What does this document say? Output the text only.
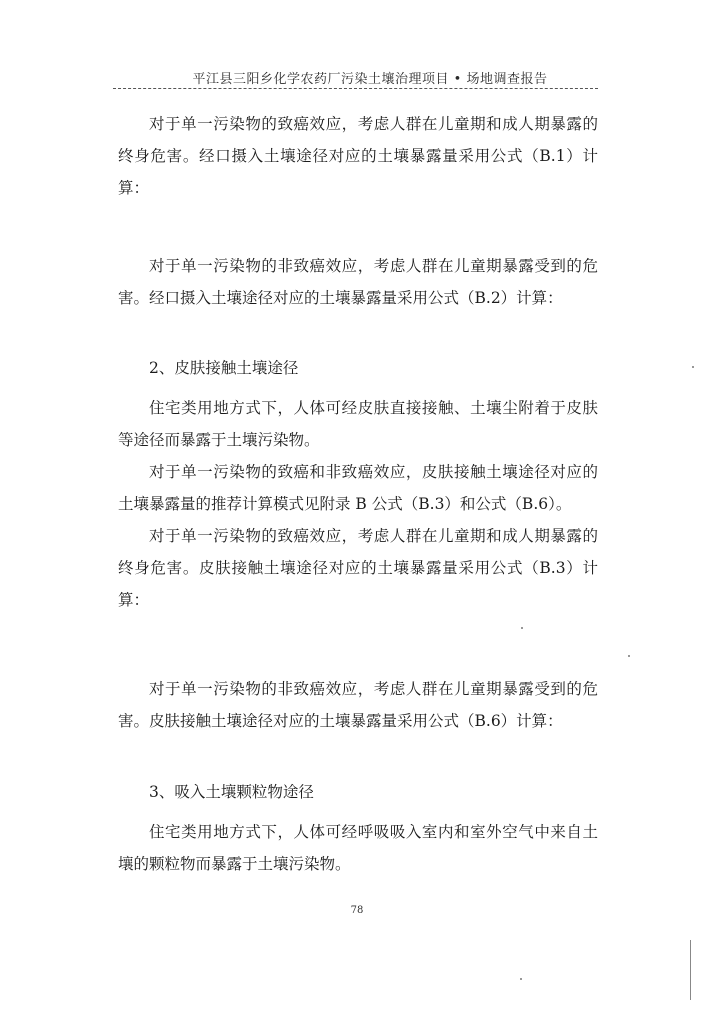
平江县三阳乡化学农药厂污染土壤治理项目 • 场地调查报告

对于单一污染物的致癌效应，考虑人群在儿童期和成人期暴露的终身危害。经口摄入土壤途径对应的土壤暴露量采用公式（B.1）计算：

对于单一污染物的非致癌效应，考虑人群在儿童期暴露受到的危害。经口摄入土壤途径对应的土壤暴露量采用公式（B.2）计算：

2、皮肤接触土壤途径

住宅类用地方式下，人体可经皮肤直接接触、土壤尘附着于皮肤等途径而暴露于土壤污染物。

对于单一污染物的致癌和非致癌效应，皮肤接触土壤途径对应的土壤暴露量的推荐计算模式见附录 B 公式（B.3）和公式（B.6）。

对于单一污染物的致癌效应，考虑人群在儿童期和成人期暴露的终身危害。皮肤接触土壤途径对应的土壤暴露量采用公式（B.3）计算：

对于单一污染物的非致癌效应，考虑人群在儿童期暴露受到的危害。皮肤接触土壤途径对应的土壤暴露量采用公式（B.6）计算：

3、吸入土壤颗粒物途径

住宅类用地方式下，人体可经呼吸吸入室内和室外空气中来自土壤的颗粒物而暴露于土壤污染物。

78
